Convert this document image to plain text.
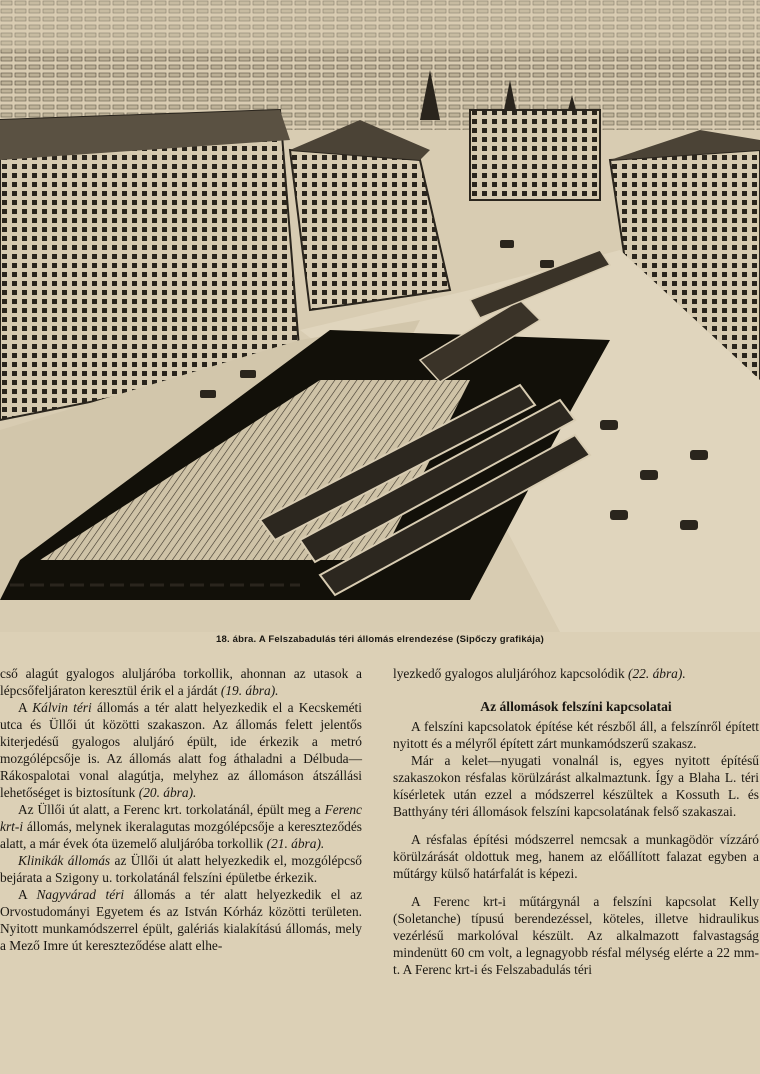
18. ábra. A Felszabadulás téri állomás elrendezése (Sipőczy grafikája)

cső alagút gyalogos aluljáróba torkollik, ahonnan az utasok a lépcsőfeljáraton keresztül érik el a járdát (19. ábra).

A Kálvin téri állomás a tér alatt helyezkedik el a Kecskeméti utca és Üllői út közötti szakaszon. Az állomás felett jelentős kiterjedésű gyalogos aluljáró épült, ide érkezik a metró mozgólépcsője is. Az állomás alatt fog áthaladni a Délbuda—Rákospalotai vonal alagútja, melyhez az állomáson átszállási lehetőséget is biztosítunk (20. ábra).

Az Üllői út alatt, a Ferenc krt. torkolatánál, épült meg a Ferenc krt-i állomás, melynek ikeralagutas mozgólépcsője a kereszteződés alatt, a már évek óta üzemelő aluljáróba torkollik (21. ábra).

Klinikák állomás az Üllői út alatt helyezkedik el, mozgólépcső bejárata a Szigony u. torkolatánál felszíni épületbe érkezik.

A Nagyvárad téri állomás a tér alatt helyezkedik el az Orvostudományi Egyetem és az István Kórház közötti területen. Nyitott munkamódszerrel épült, galériás kialakítású állomás, mely a Mező Imre út kereszteződése alatt elhe-

lyezkedő gyalogos aluljáróhoz kapcsolódik (22. ábra).

Az állomások felszíni kapcsolatai

A felszíni kapcsolatok építése két részből áll, a felszínről épített nyitott és a mélyről épített zárt munkamódszerű szakasz.

Már a kelet—nyugati vonalnál is, egyes nyitott építésű szakaszokon résfalas körülzárást alkalmaztunk. Így a Blaha L. téri kísérletek után ezzel a módszerrel készültek a Kossuth L. és Batthyány téri állomások felszíni kapcsolatának felső szakaszai.

A résfalas építési módszerrel nemcsak a munkagödör vízzáró körülzárását oldottuk meg, hanem az előállított falazat egyben a műtárgy külső határfalát is képezi.

A Ferenc krt-i műtárgynál a felszíni kapcsolat Kelly (Soletanche) típusú berendezéssel, köteles, illetve hidraulikus vezérlésű markolóval készült. Az alkalmazott falvastagság mindenütt 60 cm volt, a legnagyobb résfal mélység elérte a 22 mm-t. A Ferenc krt-i és Felszabadulás téri
